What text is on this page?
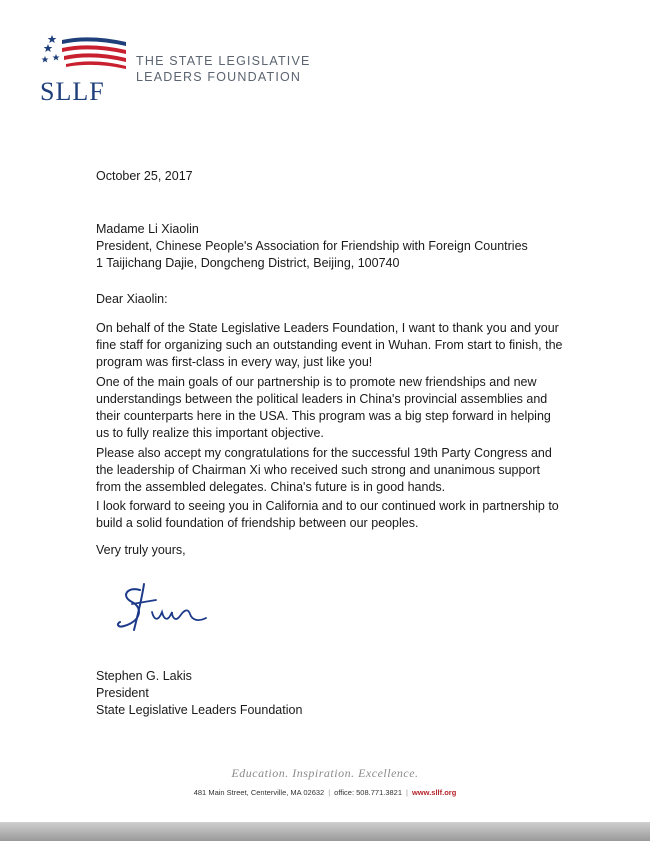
SLLF
THE STATE LEGISLATIVE
LEADERS FOUNDATION
October 25, 2017
Madame Li Xiaolin
President, Chinese People's Association for Friendship with Foreign Countries
1 Taijichang Dajie, Dongcheng District, Beijing, 100740
Dear Xiaolin:
On behalf of the State Legislative Leaders Foundation, I want to thank you and your fine staff for organizing such an outstanding event in Wuhan. From start to finish, the program was first-class in every way, just like you!
One of the main goals of our partnership is to promote new friendships and new understandings between the political leaders in China's provincial assemblies and their counterparts here in the USA. This program was a big step forward in helping us to fully realize this important objective.
Please also accept my congratulations for the successful 19th Party Congress and the leadership of Chairman Xi who received such strong and unanimous support from the assembled delegates. China's future is in good hands.
I look forward to seeing you in California and to our continued work in partnership to build a solid foundation of friendship between our peoples.
Very truly yours,
Stephen G. Lakis
President
State Legislative Leaders Foundation
Education. Inspiration. Excellence.
481 Main Street, Centerville, MA 02632 | office: 508.771.3821 | www.sllf.org
